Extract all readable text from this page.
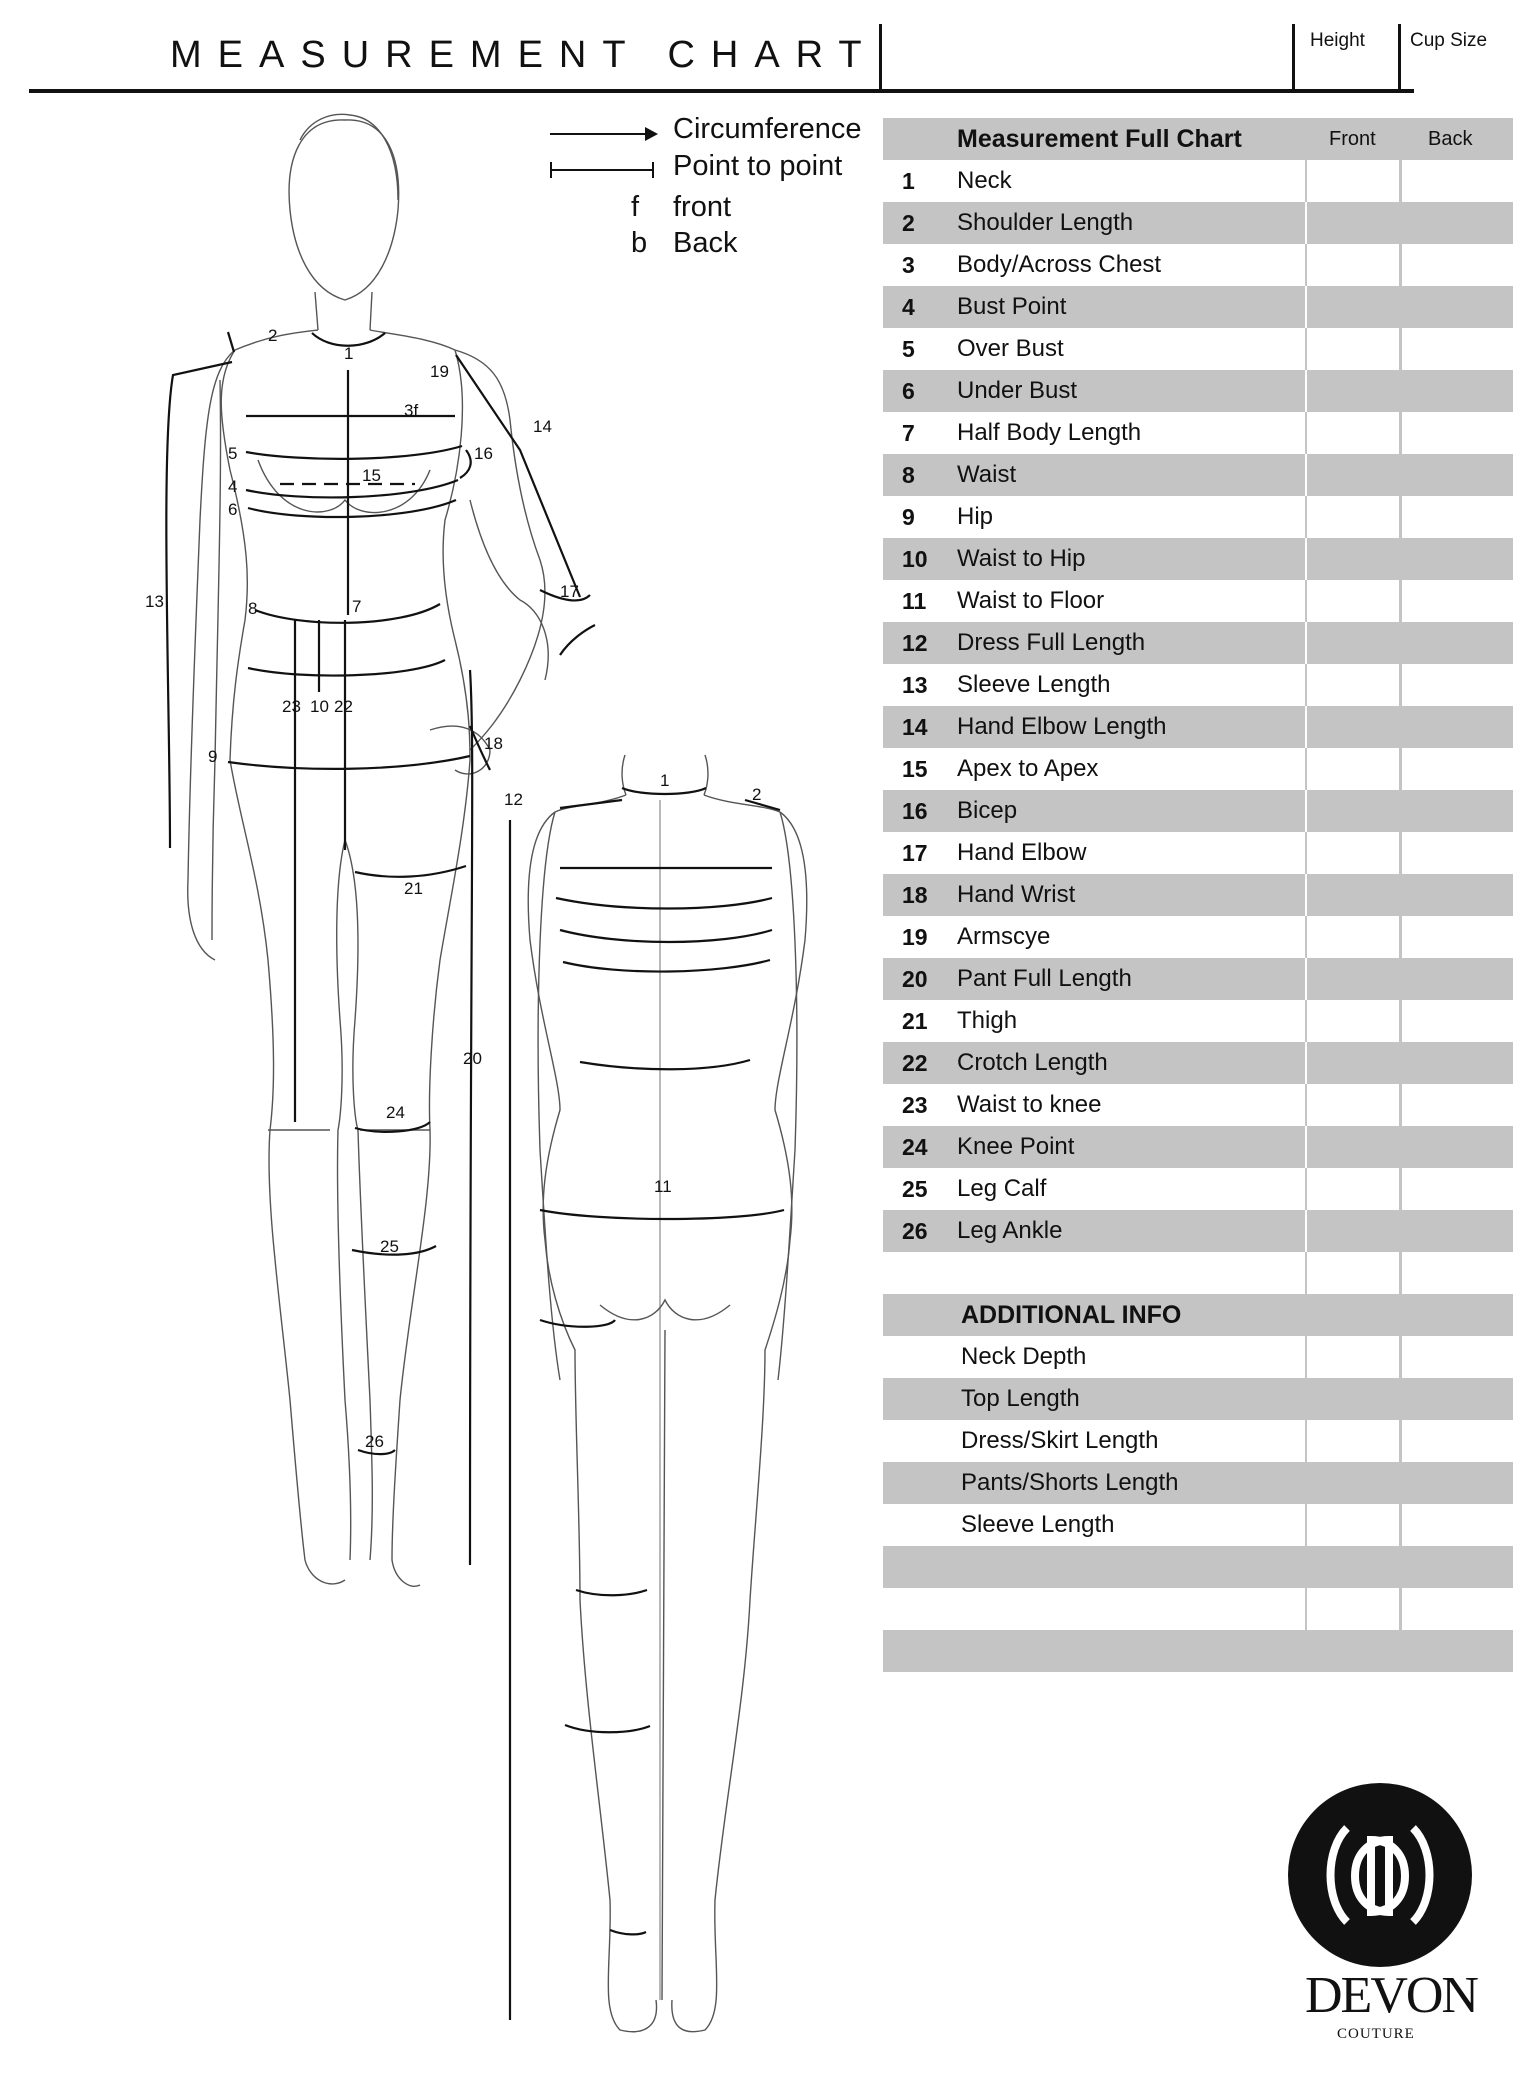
MEASUREMENT CHART	Height Cup Size
Circumference
Point to point
f front
b Back
Measurement Full Chart	Front	Back
1 Neck
2 Shoulder Length
3 Body/Across Chest
4 Bust Point
5 Over Bust
6 Under Bust
7 Half Body Length
8 Waist
9 Hip
10 Waist to Hip
11 Waist to Floor
12 Dress Full Length
13 Sleeve Length
14 Hand Elbow Length
15 Apex to Apex
16 Bicep
17 Hand Elbow
18 Hand Wrist
19 Armscye
20 Pant Full Length
21 Thigh
22 Crotch Length
23 Waist to knee
24 Knee Point
25 Leg Calf
26 Leg Ankle
ADDITIONAL INFO
Neck Depth
Top Length
Dress/Skirt Length
Pants/Shorts Length
Sleeve Length
1
2
3f
4
5
6
7
8
9
10
12
13
14
15
16
17
18
19
20
21
22
23
24
25
26
1
2
11
DEVON
COUTURE
